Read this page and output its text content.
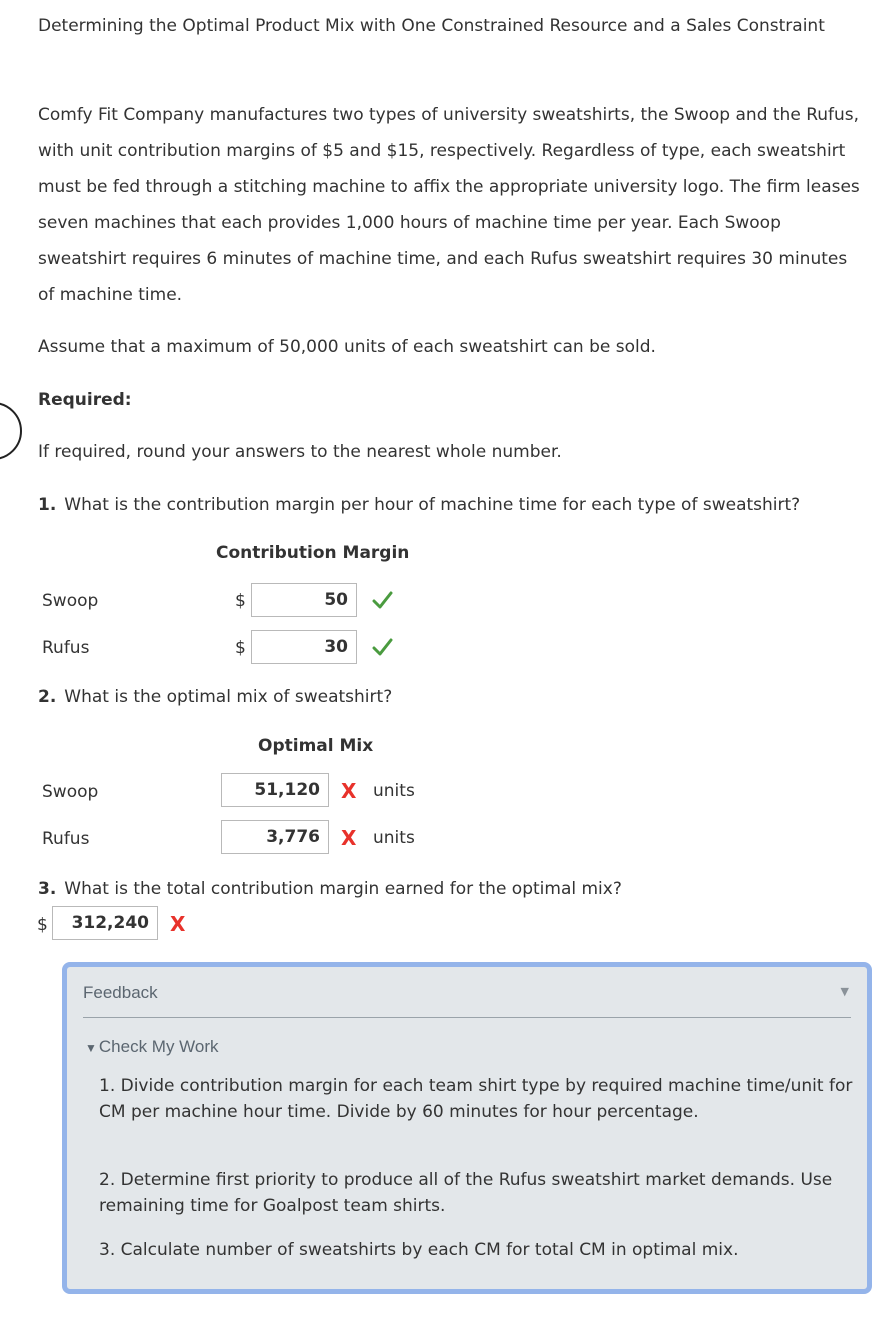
Determining the Optimal Product Mix with One Constrained Resource and a Sales Constraint
Comfy Fit Company manufactures two types of university sweatshirts, the Swoop and the Rufus, with unit contribution margins of $5 and $15, respectively. Regardless of type, each sweatshirt must be fed through a stitching machine to affix the appropriate university logo. The firm leases seven machines that each provides 1,000 hours of machine time per year. Each Swoop sweatshirt requires 6 minutes of machine time, and each Rufus sweatshirt requires 30 minutes of machine time.
Assume that a maximum of 50,000 units of each sweatshirt can be sold.
Required:
If required, round your answers to the nearest whole number.
1. What is the contribution margin per hour of machine time for each type of sweatshirt?
Contribution Margin
Swoop	$	50
Rufus	$	30
2. What is the optimal mix of sweatshirt?
Optimal Mix
Swoop	51,120	X units
Rufus	3,776	X units
3. What is the total contribution margin earned for the optimal mix?
$	312,240	X
Feedback	▼
▼ Check My Work
1. Divide contribution margin for each team shirt type by required machine time/unit for CM per machine hour time. Divide by 60 minutes for hour percentage.
2. Determine first priority to produce all of the Rufus sweatshirt market demands. Use remaining time for Goalpost team shirts.
3. Calculate number of sweatshirts by each CM for total CM in optimal mix.
